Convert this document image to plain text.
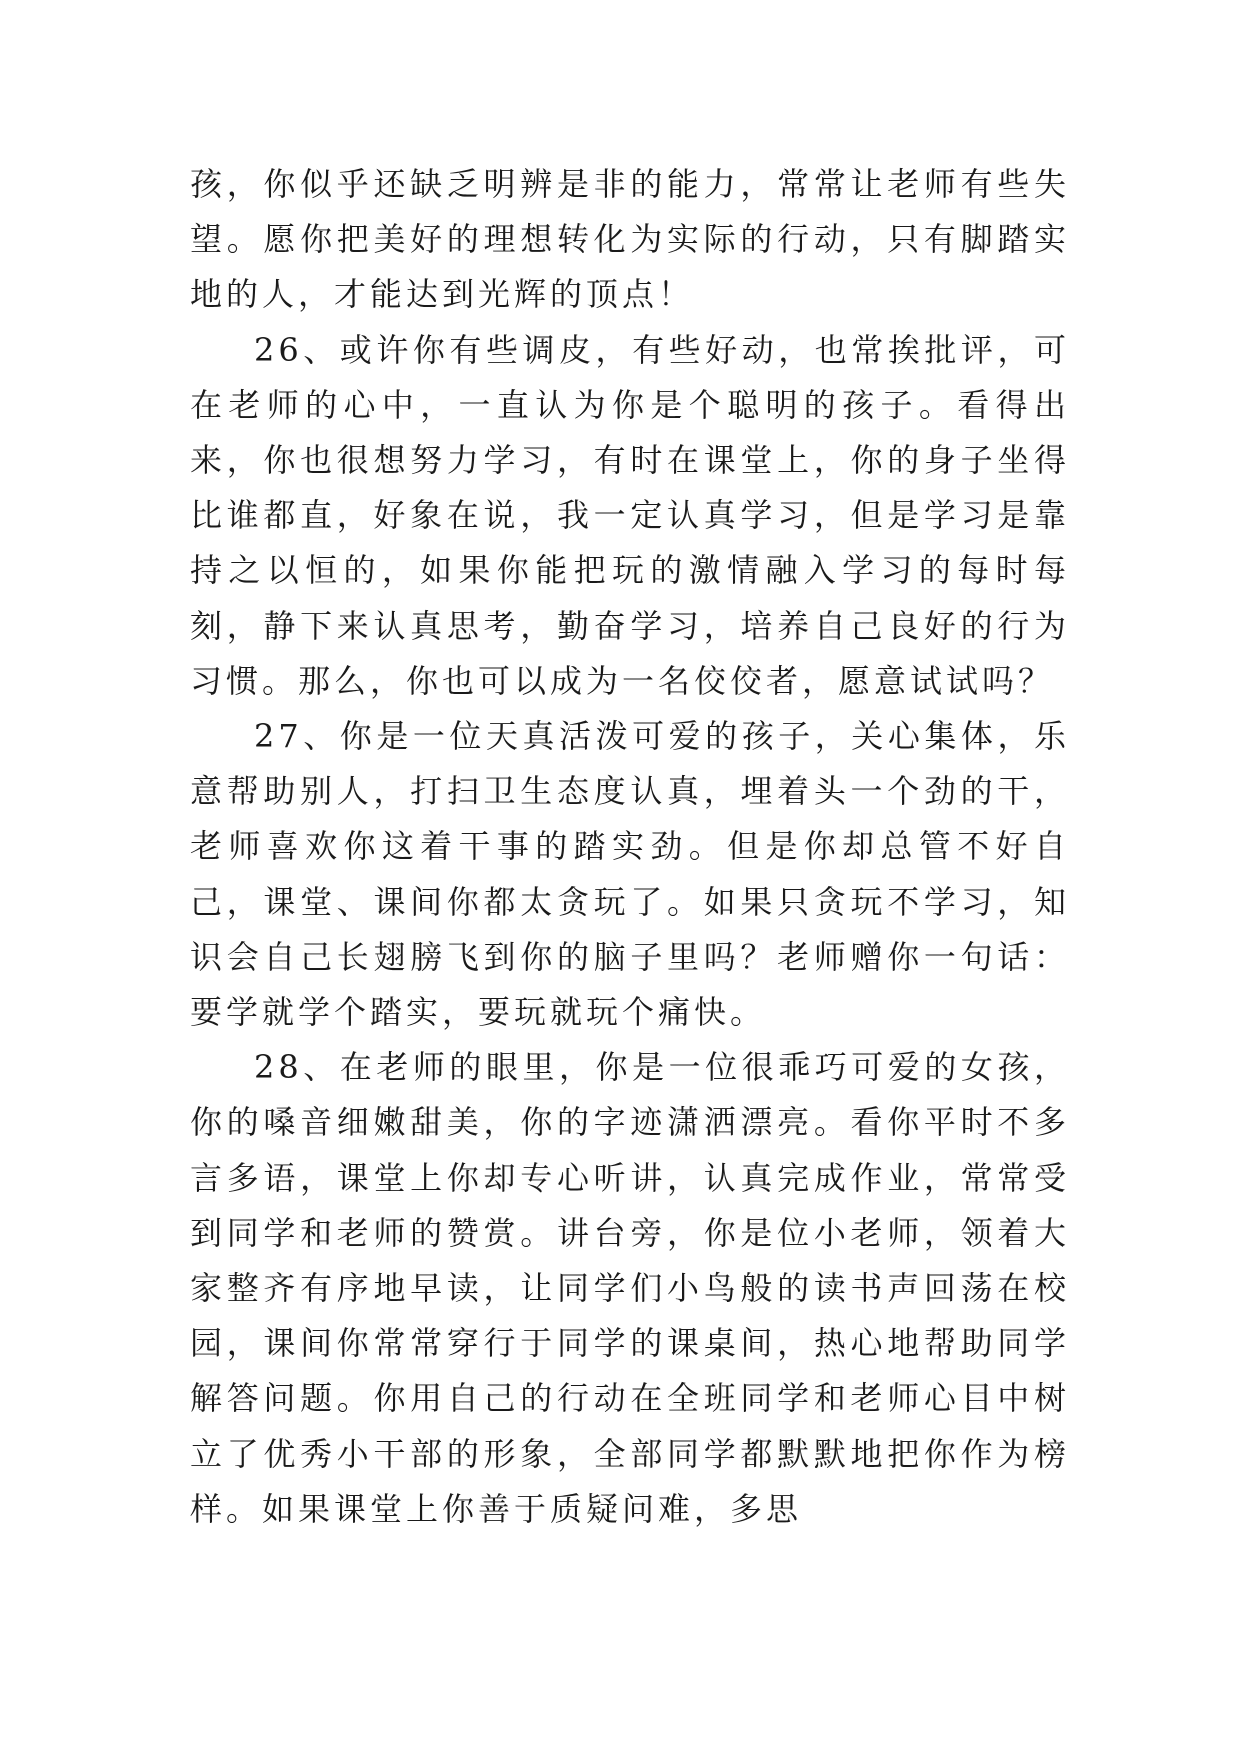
孩，你似乎还缺乏明辨是非的能力，常常让老师有些失望。愿你把美好的理想转化为实际的行动，只有脚踏实地的人，才能达到光辉的顶点！

26、或许你有些调皮，有些好动，也常挨批评，可在老师的心中，一直认为你是个聪明的孩子。看得出来，你也很想努力学习，有时在课堂上，你的身子坐得比谁都直，好象在说，我一定认真学习，但是学习是靠持之以恒的，如果你能把玩的激情融入学习的每时每刻，静下来认真思考，勤奋学习，培养自己良好的行为习惯。那么，你也可以成为一名佼佼者，愿意试试吗？

27、你是一位天真活泼可爱的孩子，关心集体，乐意帮助别人，打扫卫生态度认真，埋着头一个劲的干，老师喜欢你这着干事的踏实劲。但是你却总管不好自己，课堂、课间你都太贪玩了。如果只贪玩不学习，知识会自己长翅膀飞到你的脑子里吗？老师赠你一句话：要学就学个踏实，要玩就玩个痛快。

28、在老师的眼里，你是一位很乖巧可爱的女孩，你的嗓音细嫩甜美，你的字迹潇洒漂亮。看你平时不多言多语，课堂上你却专心听讲，认真完成作业，常常受到同学和老师的赞赏。讲台旁，你是位小老师，领着大家整齐有序地早读，让同学们小鸟般的读书声回荡在校园，课间你常常穿行于同学的课桌间，热心地帮助同学解答问题。你用自己的行动在全班同学和老师心目中树立了优秀小干部的形象，全部同学都默默地把你作为榜样。如果课堂上你善于质疑问难，多思
